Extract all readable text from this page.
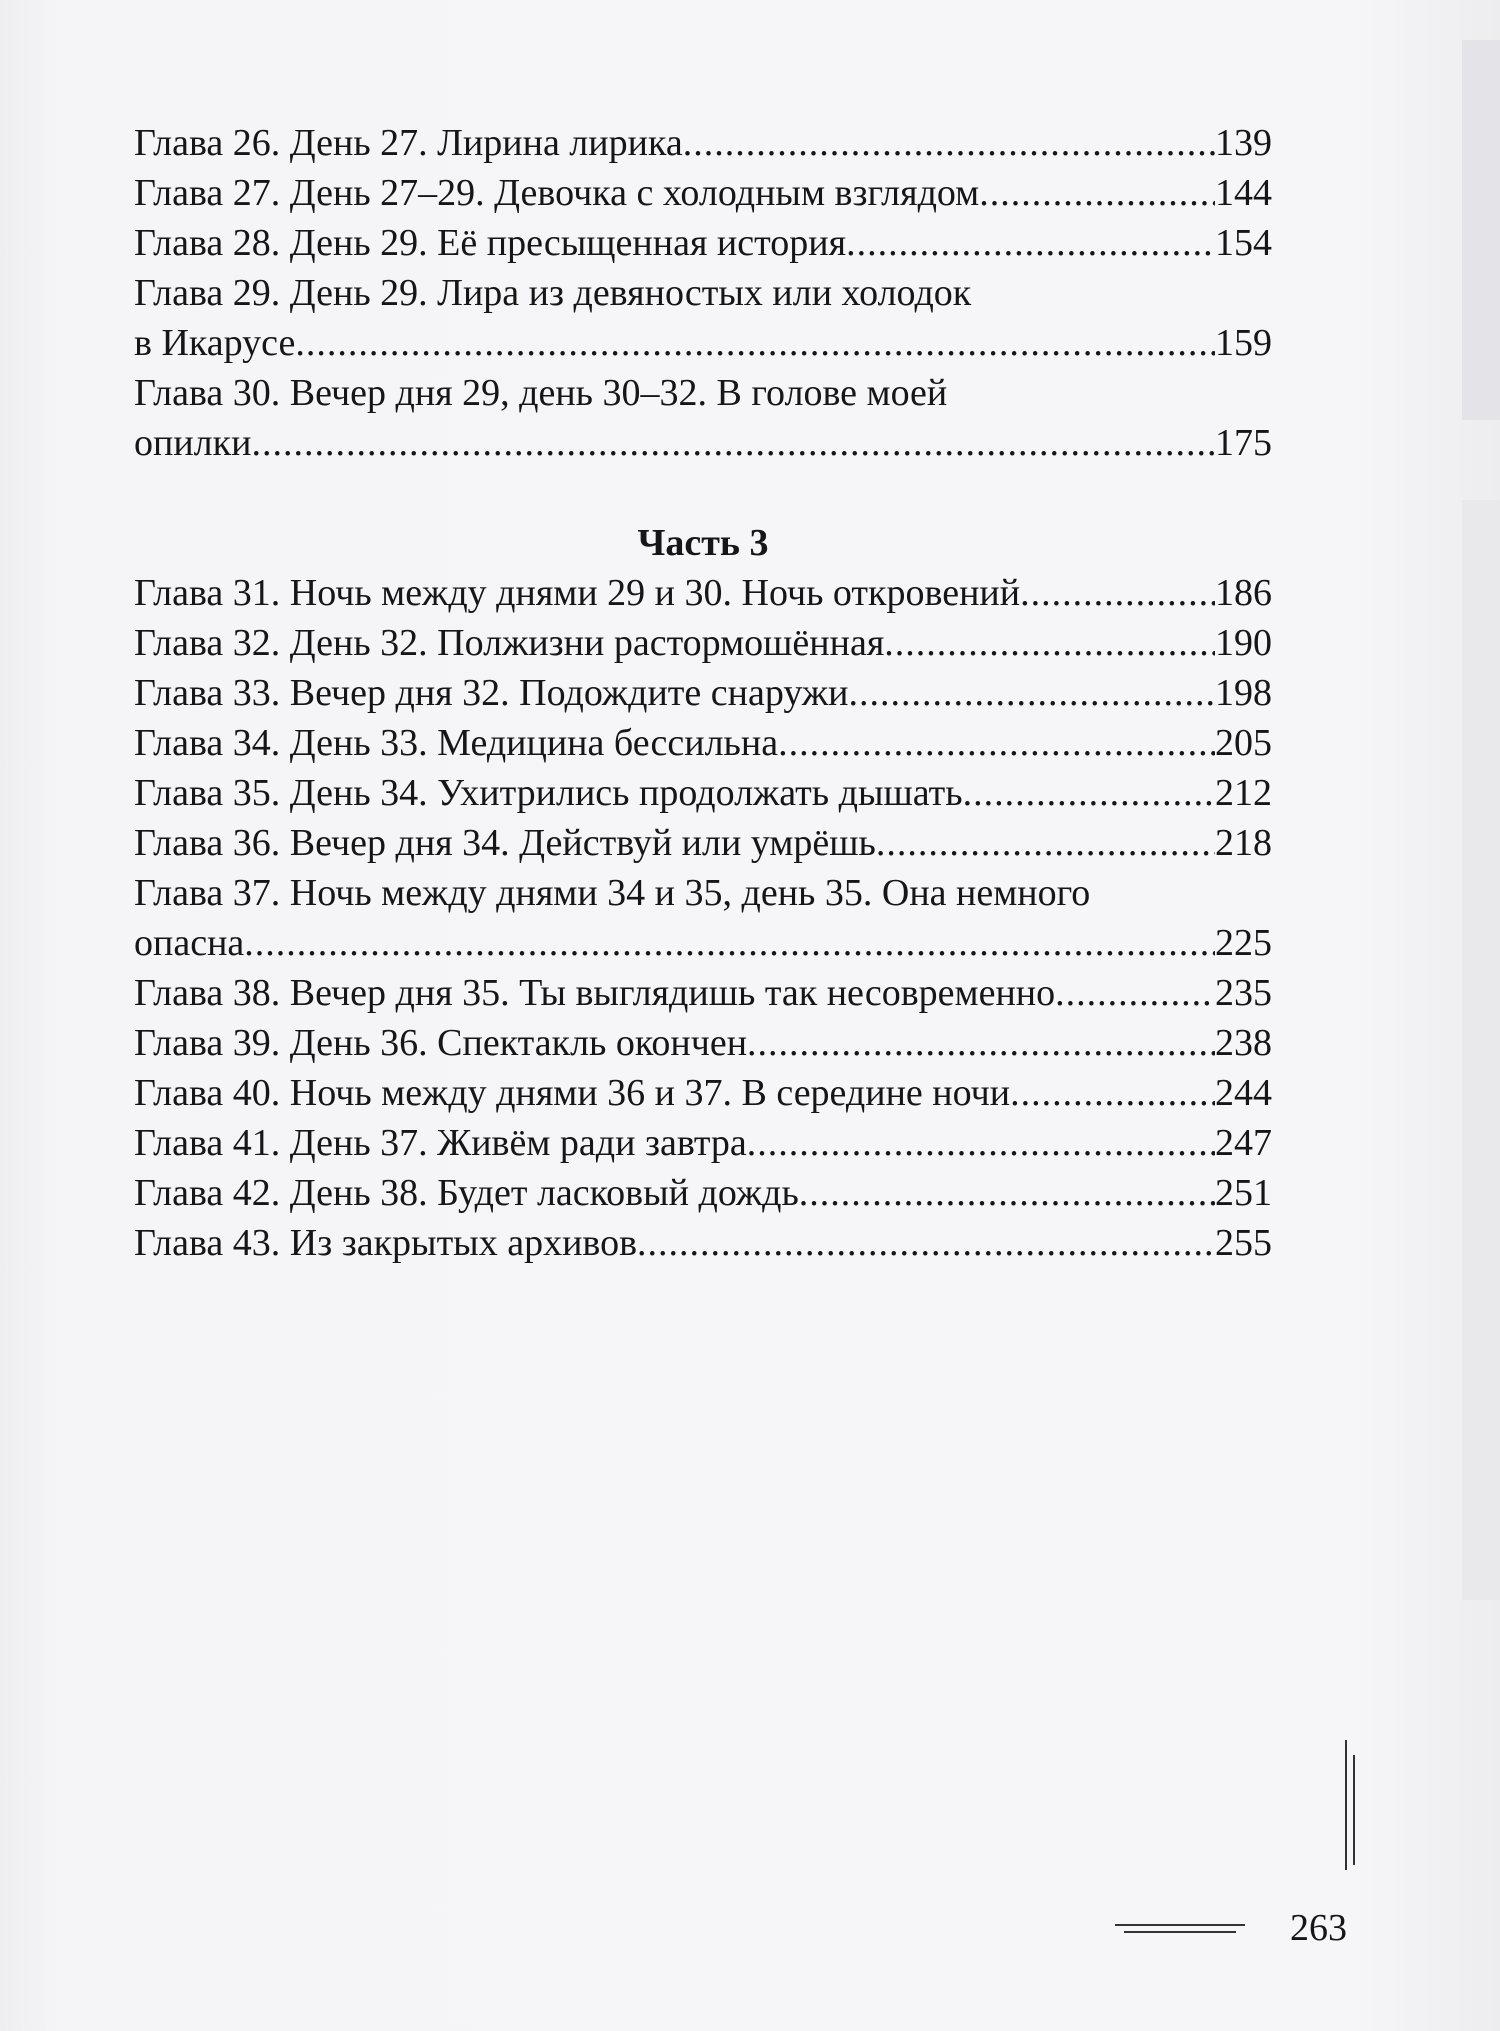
Глава 26. День 27. Лирина лирика .....	139
Глава 27. День 27–29. Девочка с холодным взглядом .....	144
Глава 28. День 29. Её пресыщенная история .....	154
Глава 29. День 29. Лира из девяностых или холодок
в Икарусе .....	159
Глава 30. Вечер дня 29, день 30–32. В голове моей
опилки .....	175
Часть 3
Глава 31. Ночь между днями 29 и 30. Ночь откровений .....	186
Глава 32. День 32. Полжизни растормошённая .....	190
Глава 33. Вечер дня 32. Подождите снаружи .....	198
Глава 34. День 33. Медицина бессильна .....	205
Глава 35. День 34. Ухитрились продолжать дышать .....	212
Глава 36. Вечер дня 34. Действуй или умрёшь .....	218
Глава 37. Ночь между днями 34 и 35, день 35. Она немного
опасна .....	225
Глава 38. Вечер дня 35. Ты выглядишь так несовременно .....	235
Глава 39. День 36. Спектакль окончен .....	238
Глава 40. Ночь между днями 36 и 37. В середине ночи .....	244
Глава 41. День 37. Живём ради завтра .....	247
Глава 42. День 38. Будет ласковый дождь .....	251
Глава 43. Из закрытых архивов .....	255
263
